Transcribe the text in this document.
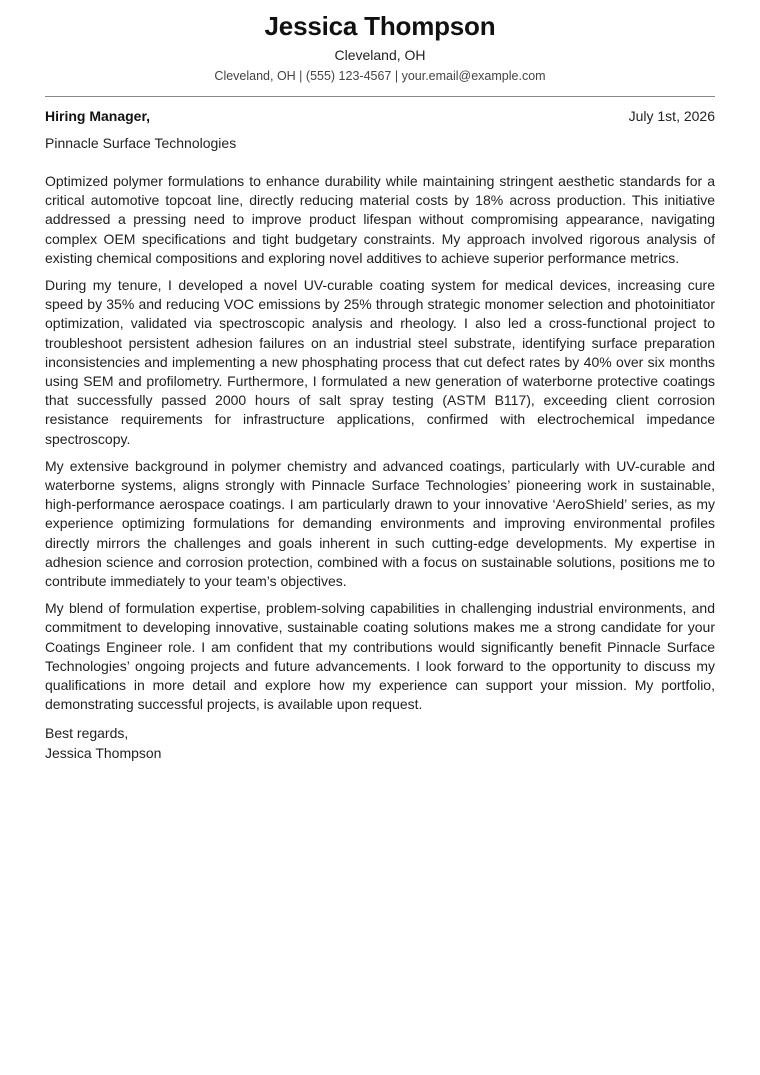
Jessica Thompson
Cleveland, OH
Cleveland, OH | (555) 123-4567 | your.email@example.com
Hiring Manager,	July 1st, 2026
Pinnacle Surface Technologies

Optimized polymer formulations to enhance durability while maintaining stringent aesthetic standards for a critical automotive topcoat line, directly reducing material costs by 18% across production. This initiative addressed a pressing need to improve product lifespan without compromising appearance, navigating complex OEM specifications and tight budgetary constraints. My approach involved rigorous analysis of existing chemical compositions and exploring novel additives to achieve superior performance metrics.

During my tenure, I developed a novel UV-curable coating system for medical devices, increasing cure speed by 35% and reducing VOC emissions by 25% through strategic monomer selection and photoinitiator optimization, validated via spectroscopic analysis and rheology. I also led a cross-functional project to troubleshoot persistent adhesion failures on an industrial steel substrate, identifying surface preparation inconsistencies and implementing a new phosphating process that cut defect rates by 40% over six months using SEM and profilometry. Furthermore, I formulated a new generation of waterborne protective coatings that successfully passed 2000 hours of salt spray testing (ASTM B117), exceeding client corrosion resistance requirements for infrastructure applications, confirmed with electrochemical impedance spectroscopy.

My extensive background in polymer chemistry and advanced coatings, particularly with UV-curable and waterborne systems, aligns strongly with Pinnacle Surface Technologies’ pioneering work in sustainable, high-performance aerospace coatings. I am particularly drawn to your innovative ‘AeroShield’ series, as my experience optimizing formulations for demanding environments and improving environmental profiles directly mirrors the challenges and goals inherent in such cutting-edge developments. My expertise in adhesion science and corrosion protection, combined with a focus on sustainable solutions, positions me to contribute immediately to your team’s objectives.

My blend of formulation expertise, problem-solving capabilities in challenging industrial environments, and commitment to developing innovative, sustainable coating solutions makes me a strong candidate for your Coatings Engineer role. I am confident that my contributions would significantly benefit Pinnacle Surface Technologies’ ongoing projects and future advancements. I look forward to the opportunity to discuss my qualifications in more detail and explore how my experience can support your mission. My portfolio, demonstrating successful projects, is available upon request.

Best regards,
Jessica Thompson
